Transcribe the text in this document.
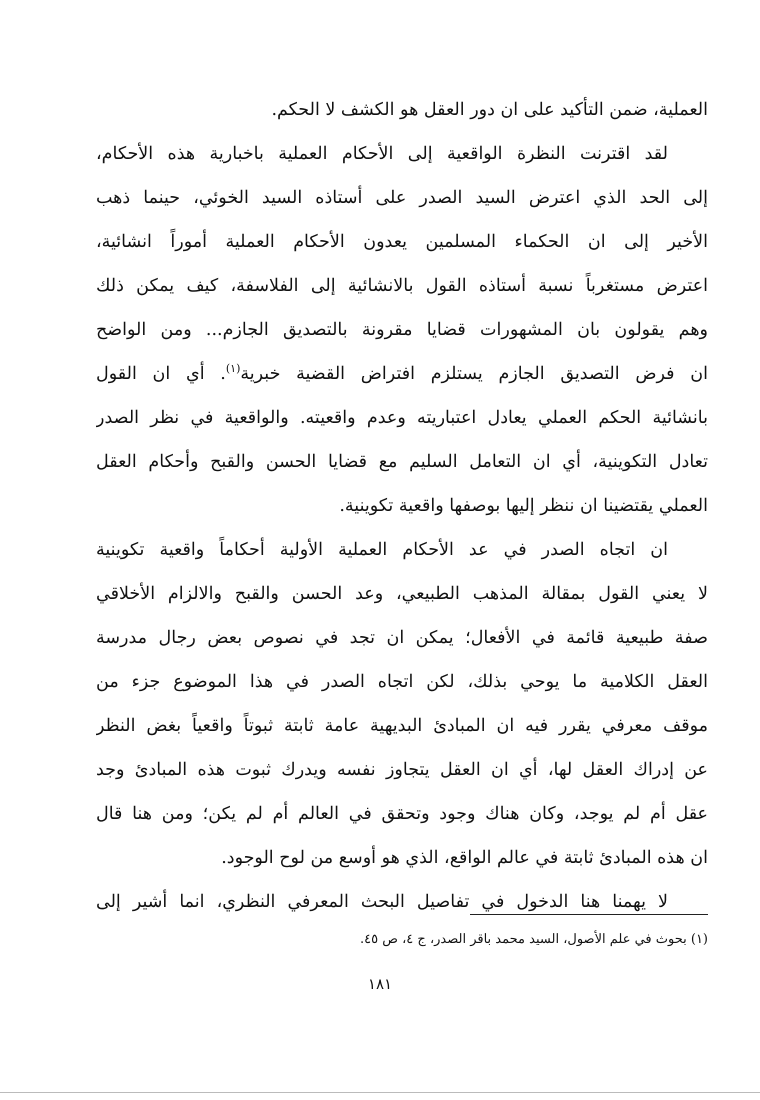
العملية، ضمن التأكيد على ان دور العقل هو الكشف لا الحكم.
لقد اقترنت النظرة الواقعية إلى الأحكام العملية باخبارية هذه الأحكام،
إلى الحد الذي اعترض السيد الصدر على أستاذه السيد الخوئي، حينما ذهب
الأخير إلى ان الحكماء المسلمين يعدون الأحكام العملية أموراً انشائية،
اعترض مستغرباً نسبة أستاذه القول بالانشائية إلى الفلاسفة، كيف يمكن ذلك
وهم يقولون بان المشهورات قضايا مقرونة بالتصديق الجازم... ومن الواضح
ان فرض التصديق الجازم يستلزم افتراض القضية خبرية$^{(١)}$. أي ان القول
بانشائية الحكم العملي يعادل اعتباريته وعدم واقعيته. والواقعية في نظر الصدر
تعادل التكوينية، أي ان التعامل السليم مع قضايا الحسن والقبح وأحكام العقل
العملي يقتضينا ان ننظر إليها بوصفها واقعية تكوينية.
ان اتجاه الصدر في عد الأحكام العملية الأولية أحكاماً واقعية تكوينية
لا يعني القول بمقالة المذهب الطبيعي، وعد الحسن والقبح والالزام الأخلاقي
صفة طبيعية قائمة في الأفعال؛ يمكن ان تجد في نصوص بعض رجال مدرسة
العقل الكلامية ما يوحي بذلك، لكن اتجاه الصدر في هذا الموضوع جزء من
موقف معرفي يقرر فيه ان المبادئ البديهية عامة ثابتة ثبوتاً واقعياً بغض النظر
عن إدراك العقل لها، أي ان العقل يتجاوز نفسه ويدرك ثبوت هذه المبادئ وجد
عقل أم لم يوجد، وكان هناك وجود وتحقق في العالم أم لم يكن؛ ومن هنا قال
ان هذه المبادئ ثابتة في عالم الواقع، الذي هو أوسع من لوح الوجود.
لا يهمنا هنا الدخول في تفاصيل البحث المعرفي النظري، انما أشير إلى
(١) بحوث في علم الأصول، السيد محمد باقر الصدر، ج ٤، ص ٤٥.
١٨١
